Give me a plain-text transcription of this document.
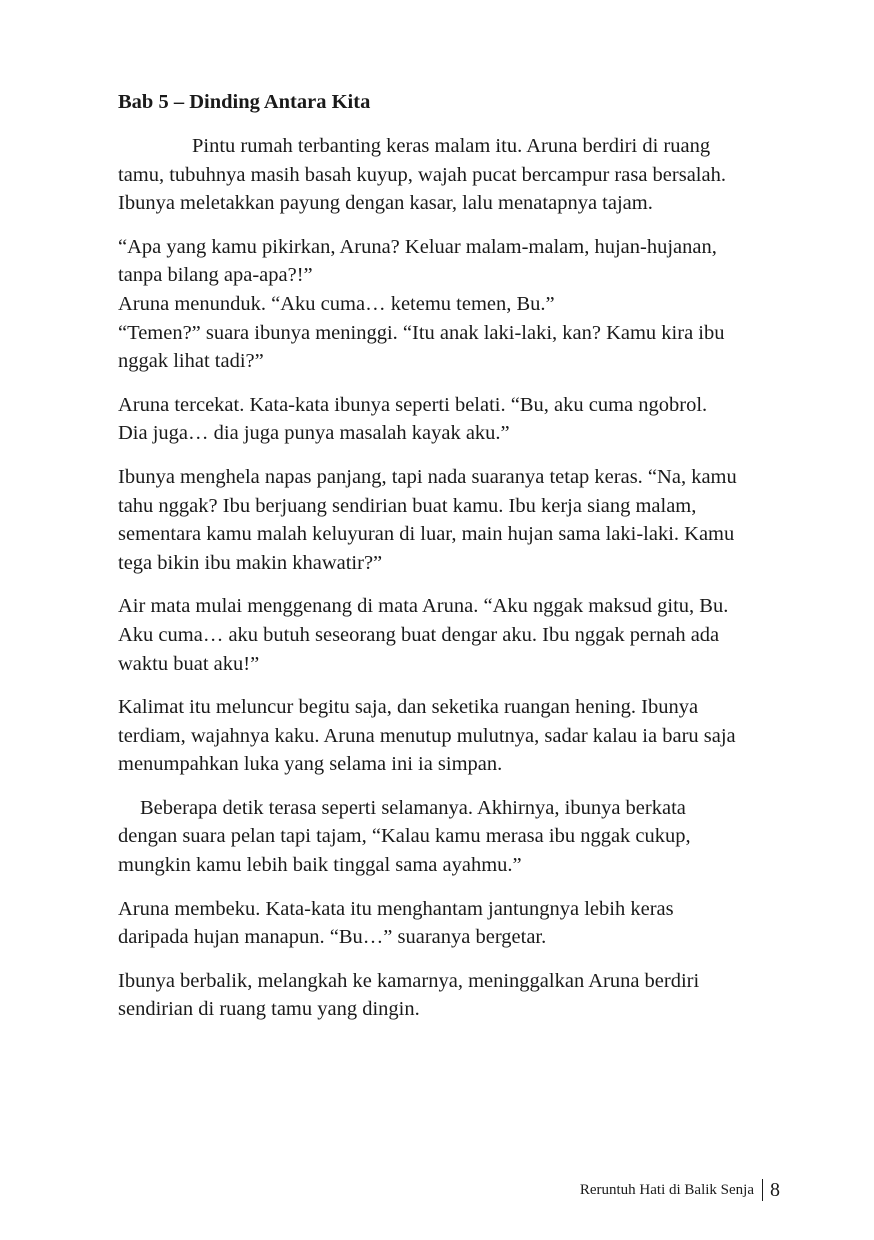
Bab 5 – Dinding Antara Kita
Pintu rumah terbanting keras malam itu. Aruna berdiri di ruang
tamu, tubuhnya masih basah kuyup, wajah pucat bercampur rasa bersalah.
Ibunya meletakkan payung dengan kasar, lalu menatapnya tajam.
“Apa yang kamu pikirkan, Aruna? Keluar malam-malam, hujan-hujanan,
tanpa bilang apa-apa?!”
Aruna menunduk. “Aku cuma… ketemu temen, Bu.”
“Temen?” suara ibunya meninggi. “Itu anak laki-laki, kan? Kamu kira ibu
nggak lihat tadi?”
Aruna tercekat. Kata-kata ibunya seperti belati. “Bu, aku cuma ngobrol.
Dia juga… dia juga punya masalah kayak aku.”
Ibunya menghela napas panjang, tapi nada suaranya tetap keras. “Na, kamu
tahu nggak? Ibu berjuang sendirian buat kamu. Ibu kerja siang malam,
sementara kamu malah keluyuran di luar, main hujan sama laki-laki. Kamu
tega bikin ibu makin khawatir?”
Air mata mulai menggenang di mata Aruna. “Aku nggak maksud gitu, Bu.
Aku cuma… aku butuh seseorang buat dengar aku. Ibu nggak pernah ada
waktu buat aku!”
Kalimat itu meluncur begitu saja, dan seketika ruangan hening. Ibunya
terdiam, wajahnya kaku. Aruna menutup mulutnya, sadar kalau ia baru saja
menumpahkan luka yang selama ini ia simpan.
Beberapa detik terasa seperti selamanya. Akhirnya, ibunya berkata
dengan suara pelan tapi tajam, “Kalau kamu merasa ibu nggak cukup,
mungkin kamu lebih baik tinggal sama ayahmu.”
Aruna membeku. Kata-kata itu menghantam jantungnya lebih keras
daripada hujan manapun. “Bu…” suaranya bergetar.
Ibunya berbalik, melangkah ke kamarnya, meninggalkan Aruna berdiri
sendirian di ruang tamu yang dingin.
Reruntuh Hati di Balik Senja 8
